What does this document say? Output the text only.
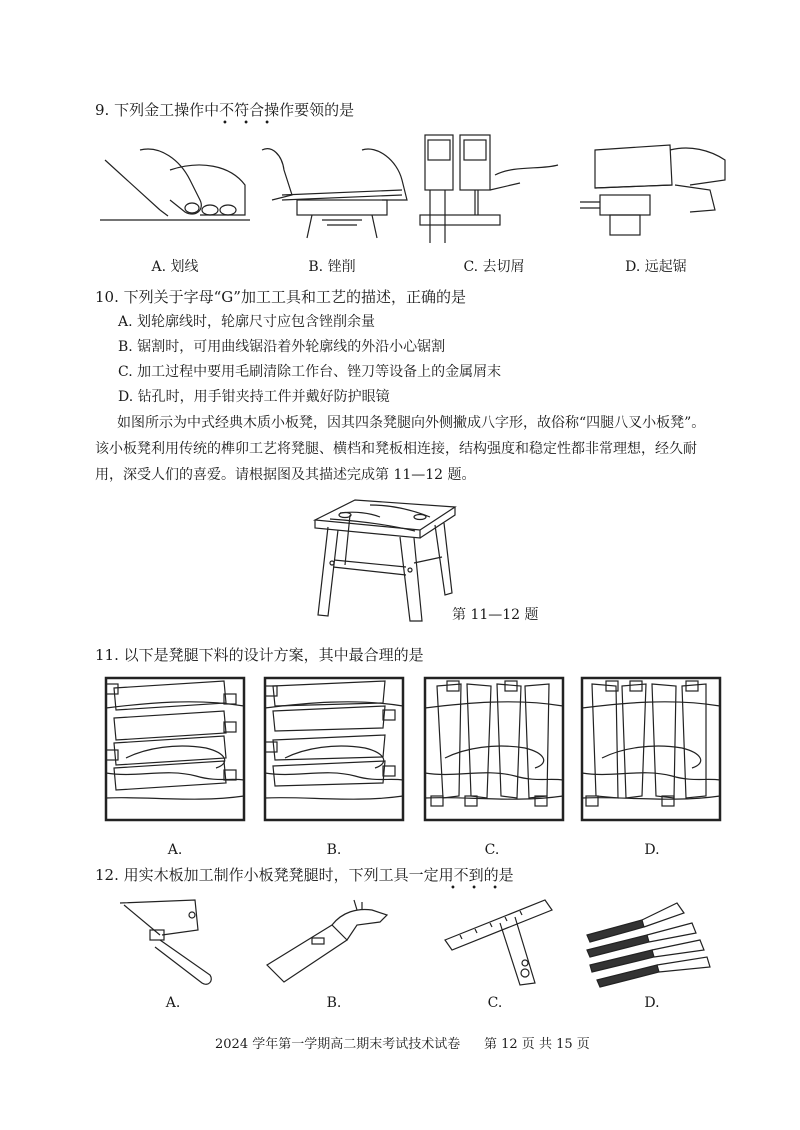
9. 下列金工操作中不符合操作要领的是
• • •
A. 划线	B. 锉削	C. 去切屑	D. 远起锯
10. 下列关于字母“G”加工工具和工艺的描述，正确的是
A. 划轮廓线时，轮廓尺寸应包含锉削余量
B. 锯割时，可用曲线锯沿着外轮廓线的外沿小心锯割
C. 加工过程中要用毛刷清除工作台、锉刀等设备上的金属屑末
D. 钻孔时，用手钳夹持工件并戴好防护眼镜
如图所示为中式经典木质小板凳，因其四条凳腿向外侧撇成八字形，故俗称“四腿八叉小板凳”。该小板凳利用传统的榫卯工艺将凳腿、横档和凳板相连接，结构强度和稳定性都非常理想，经久耐用，深受人们的喜爱。请根据图及其描述完成第 11—12 题。
第 11—12 题
11. 以下是凳腿下料的设计方案，其中最合理的是
A.	B.	C.	D.
12. 用实木板加工制作小板凳凳腿时，下列工具一定用不到的是
• • •
A.	B.	C.	D.
2024 学年第一学期高二期末考试技术试卷 第 12 页 共 15 页
